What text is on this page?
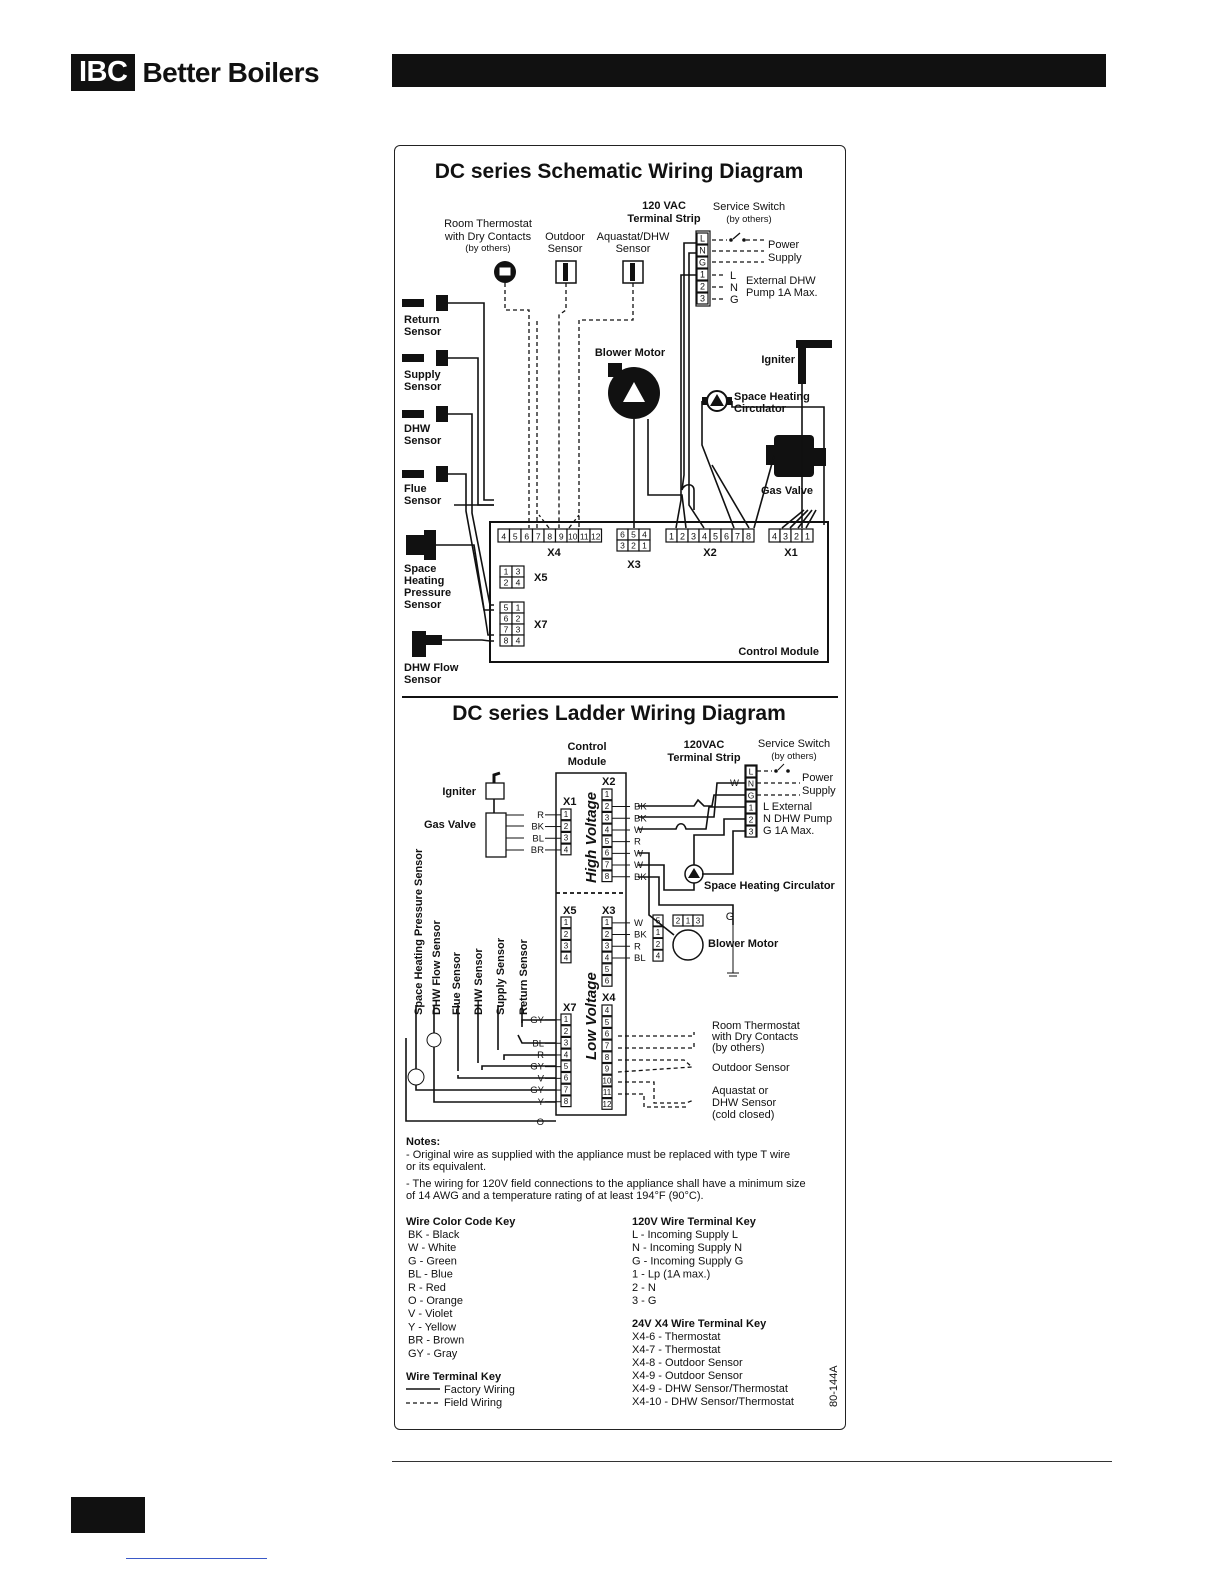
IBC Better Boilers
DC series Schematic Wiring Diagram
Room Thermostat
with Dry Contacts
(by others)
Outdoor
Sensor
Aquastat/DHW
Sensor
120 VAC
Terminal Strip
Service Switch
(by others)
Power
Supply
External DHW
Pump 1A Max.
L
N
G
1
2
3
L
N
G
Return
Sensor
Supply
Sensor
DHW
Sensor
Flue
Sensor
Space
Heating
Pressure
Sensor
DHW Flow
Sensor
Blower Motor
Igniter
Space Heating
Circulator
Gas Valve
Control Module
4 5 6 7 8 9 10 11 12 6 5 4
3 2 1
1 2 3 4 5 6 7 8 4 3 2 1
1 3
2 4
5 1
6 2
7 3
8 4
X4
X3
X2	X1
X5
X7
DC series Ladder Wiring Diagram
Control
Module
120VAC
Terminal Strip
Service Switch
(by others)
Power
Supply
L External
N DHW Pump
G 1A Max.
L
N
G
1
2
3
W
High Voltage
Low Voltage
X1
X2
X5 X3
X7
X4
1
R
2
BK
3
BL
4
BR
1
2	BK
3	BK
4	W
5	R
6	W
7	W
8	BK
1
2
3
4
1	W
2	BK
3	R
4	BL
5
6
1
GY
2
3
BL
4
R
5
GY
6
V
7
GY
8
Y
O
4
5
6
7
8
9
10
11
12
Igniter
Gas Valve
Space Heating Circulator
5
1
2
4
2 1 3
Blower Motor
G
Room Thermostat
with Dry Contacts
(by others)
Outdoor Sensor
Aquastat or
DHW Sensor
(cold closed)
Space Heating Pressure Sensor DHW Flow Sensor Flue Sensor DHW Sensor Supply Sensor Return Sensor
Notes:
- Original wire as supplied with the appliance must be replaced with type T wire
or its equivalent.
- The wiring for 120V field connections to the appliance shall have a minimum size
of 14 AWG and a temperature rating of at least 194°F (90°C).
Wire Color Code Key
BK - Black
W - White
G - Green
BL - Blue
R - Red
O - Orange
V - Violet
Y - Yellow
BR - Brown
GY - Gray
120V Wire Terminal Key
L - Incoming Supply L
N - Incoming Supply N
G - Incoming Supply G
1 - Lp (1A max.)
2 - N
3 - G
24V X4 Wire Terminal Key
X4-6 - Thermostat
X4-7 - Thermostat
X4-8 - Outdoor Sensor
X4-9 - Outdoor Sensor
X4-9 - DHW Sensor/Thermostat
X4-10 - DHW Sensor/Thermostat
Wire Terminal Key
Factory Wiring
Field Wiring	80-144A
